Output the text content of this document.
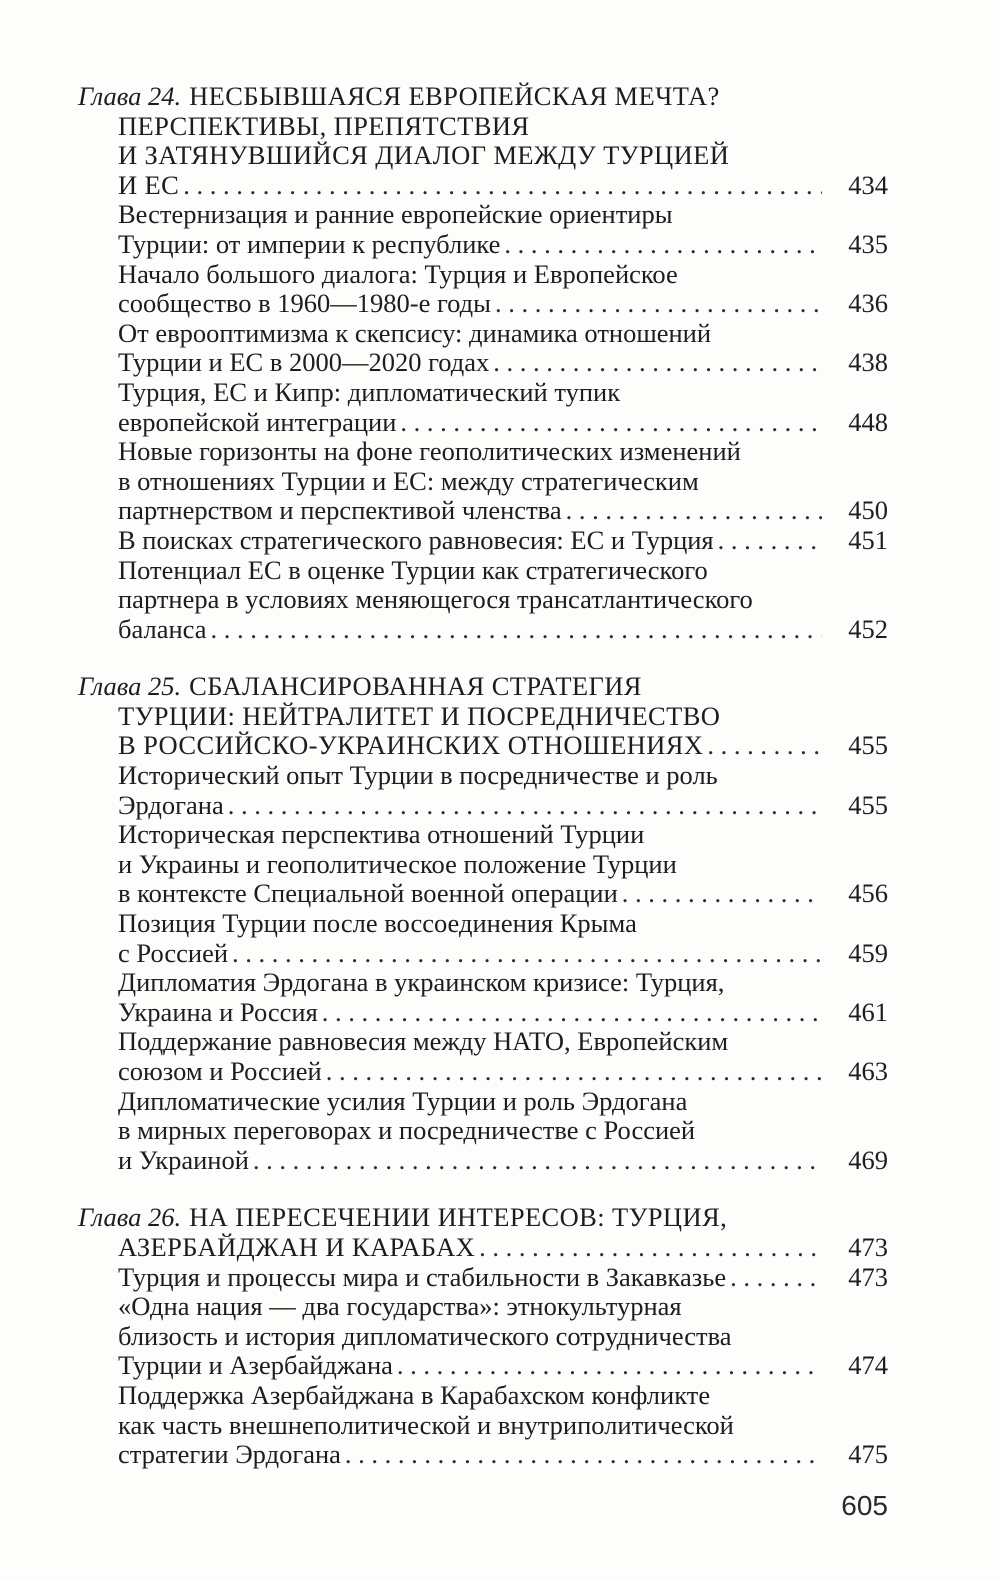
Глава 24. НЕСБЫВШАЯСЯ ЕВРОПЕЙСКАЯ МЕЧТА?
ПЕРСПЕКТИВЫ, ПРЕПЯТСТВИЯ
И ЗАТЯНУВШИЙСЯ ДИАЛОГ МЕЖДУ ТУРЦИЕЙ
И ЕС . . .	434
Вестернизация и ранние европейские ориентиры
Турции: от империи к республике . . .	435
Начало большого диалога: Турция и Европейское
сообщество в 1960—1980-е годы . . .	436
От еврооптимизма к скепсису: динамика отношений
Турции и ЕС в 2000—2020 годах . . .	438
Турция, ЕС и Кипр: дипломатический тупик
европейской интеграции . . .	448
Новые горизонты на фоне геополитических изменений
в отношениях Турции и ЕС: между стратегическим
партнерством и перспективой членства . . .	450
В поисках стратегического равновесия: ЕС и Турция . . .	451
Потенциал ЕС в оценке Турции как стратегического
партнера в условиях меняющегося трансатлантического
баланса . . .	452
Глава 25. СБАЛАНСИРОВАННАЯ СТРАТЕГИЯ
ТУРЦИИ: НЕЙТРАЛИТЕТ И ПОСРЕДНИЧЕСТВО
В РОССИЙСКО-УКРАИНСКИХ ОТНОШЕНИЯХ . . .	455
Исторический опыт Турции в посредничестве и роль
Эрдогана . . .	455
Историческая перспектива отношений Турции
и Украины и геополитическое положение Турции
в контексте Специальной военной операции . . .	456
Позиция Турции после воссоединения Крыма
с Россией . . .	459
Дипломатия Эрдогана в украинском кризисе: Турция,
Украина и Россия . . .	461
Поддержание равновесия между НАТО, Европейским
союзом и Россией . . .	463
Дипломатические усилия Турции и роль Эрдогана
в мирных переговорах и посредничестве с Россией
и Украиной . . .	469
Глава 26. НА ПЕРЕСЕЧЕНИИ ИНТЕРЕСОВ: ТУРЦИЯ,
АЗЕРБАЙДЖАН И КАРАБАХ . . .	473
Турция и процессы мира и стабильности в Закавказье . . .	473
«Одна нация — два государства»: этнокультурная
близость и история дипломатического сотрудничества
Турции и Азербайджана . . .	474
Поддержка Азербайджана в Карабахском конфликте
как часть внешнеполитической и внутриполитической
стратегии Эрдогана . . .	475
605
